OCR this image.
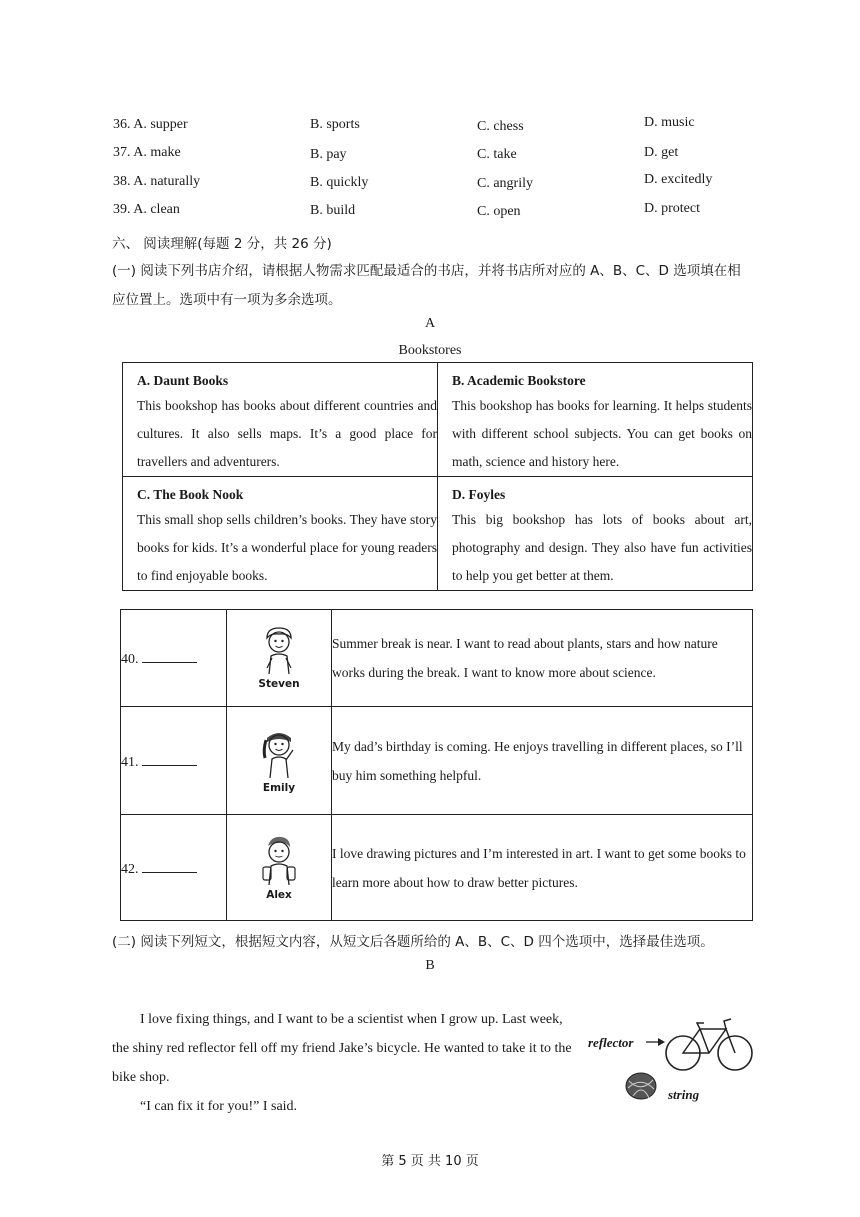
36. A. supper	B. sports	C. chess	D. music
37. A. make	B. pay	C. take	D. get
38. A. naturally	B. quickly	C. angrily	D. excitedly
39. A. clean	B. build	C. open	D. protect
六、 阅读理解(每题 2 分，共 26 分)
(一) 阅读下列书店介绍，请根据人物需求匹配最适合的书店，并将书店所对应的 A、B、C、D 选项填在相
应位置上。选项中有一项为多余选项。
A
Bookstores
A. Daunt Books
This bookshop has books about different countries and cultures. It also sells maps. It’s a good place for travellers and adventurers.	B. Academic Bookstore
This bookshop has books for learning. It helps students with different school subjects. You can get books on math, science and history here.

C. The Book Nook
This small shop sells children’s books. They have story books for kids. It’s a wonderful place for young readers to find enjoyable books.	D. Foyles
This big bookshop has lots of books about art, photography and design. They also have fun activities to help you get better at them.
40.	Steven	Summer break is near. I want to read about plants, stars and how nature works during the break. I want to know more about science.
41.	Emily	My dad’s birthday is coming. He enjoys travelling in different places, so I’ll buy him something helpful.
42.	Alex	I love drawing pictures and I’m interested in art. I want to get some books to learn more about how to draw better pictures.
(二) 阅读下列短文，根据短文内容，从短文后各题所给的 A、B、C、D 四个选项中，选择最佳选项。
B
I love fixing things, and I want to be a scientist when I grow up. Last week, the shiny red reflector fell off my friend Jake’s bicycle. He wanted to take it to the bike shop.
“I can fix it for you!” I said.
reflector
string
第 5 页 共 10 页
